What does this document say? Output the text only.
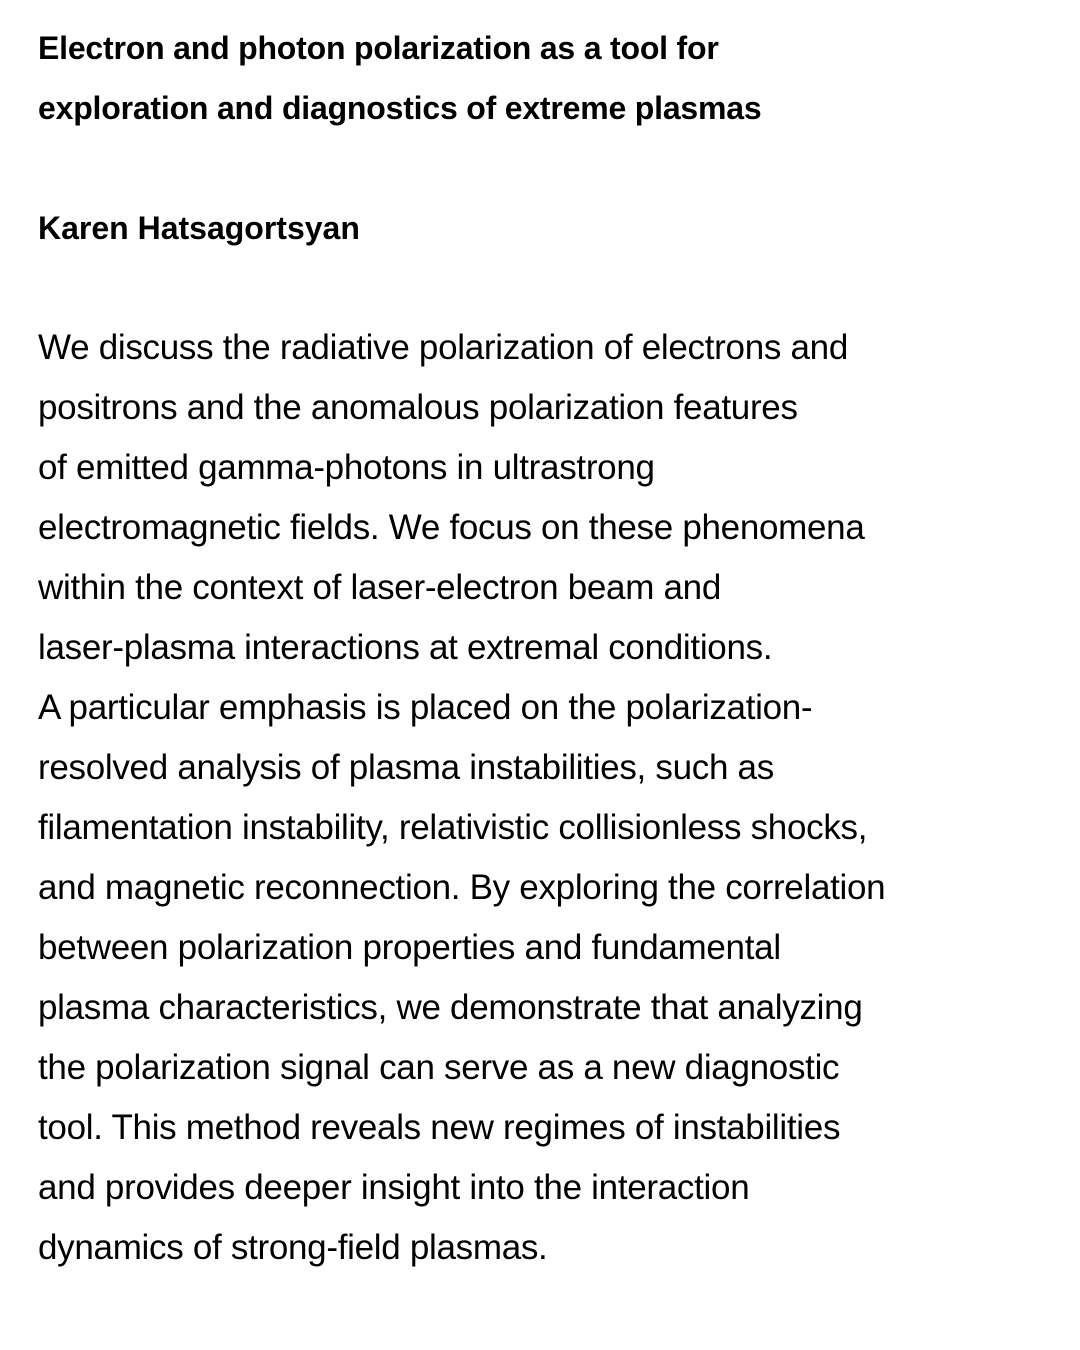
Electron and photon polarization as a tool for
exploration and diagnostics of extreme plasmas
Karen Hatsagortsyan
We discuss the radiative polarization of electrons and
positrons and the anomalous polarization features
of emitted gamma-photons in ultrastrong
electromagnetic fields. We focus on these phenomena
within the context of laser-electron beam and
laser-plasma interactions at extremal conditions.
A particular emphasis is placed on the polarization-
resolved analysis of plasma instabilities, such as
filamentation instability, relativistic collisionless shocks,
and magnetic reconnection. By exploring the correlation
between polarization properties and fundamental
plasma characteristics, we demonstrate that analyzing
the polarization signal can serve as a new diagnostic
tool. This method reveals new regimes of instabilities
and provides deeper insight into the interaction
dynamics of strong-field plasmas.
